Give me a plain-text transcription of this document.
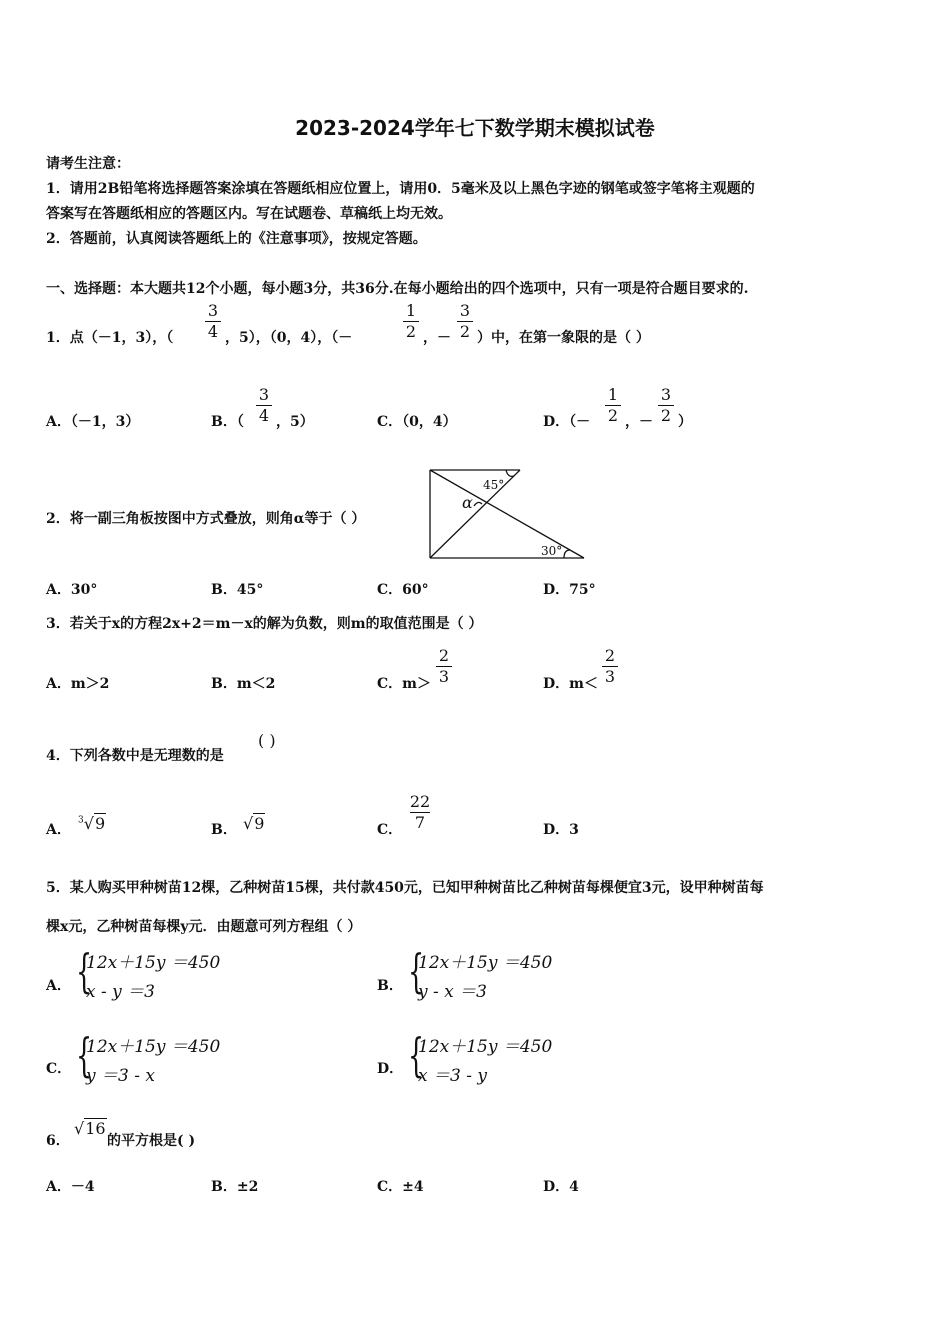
2023-2024学年七下数学期末模拟试卷
请考生注意：
1．请用2B铅笔将选择题答案涂填在答题纸相应位置上，请用0．5毫米及以上黑色字迹的钢笔或签字笔将主观题的
答案写在答题纸相应的答题区内。写在试题卷、草稿纸上均无效。
2．答题前，认真阅读答题纸上的《注意事项》，按规定答题。
一、选择题：本大题共12个小题，每小题3分，共36分.在每小题给出的四个选项中，只有一项是符合题目要求的.
1．点（－1，3），（
3
4 ，5），（0，4），（－
1
2 ，－
3
2 ）中，在第一象限的是（ ）
A．（－1，3）	B．（
3
4 ，5）	C．（0，4）	D．（－
1
2 ，－
3
2 ）
2．将一副三角板按图中方式叠放，则角α等于（ ）
45°
30°
α
A．30°	B．45°	C．60°	D．75°
3．若关于x的方程2x+2＝m－x的解为负数，则m的取值范围是（ ）
A．m＞2	B．m＜2	C．m＞
2
3	D．m＜
2
3
4．下列各数中是无理数的是
( )
A．
$^3$√9	B． √9	C．
22
7	D．3
5．某人购买甲种树苗12棵，乙种树苗15棵，共付款450元，已知甲种树苗比乙种树苗每棵便宜3元，设甲种树苗每
棵x元，乙种树苗每棵y元．由题意可列方程组（ ）
A． {
12x＋15y ＝450
x - y ＝3	B． {
12x＋15y ＝450
y - x ＝3
C． {
12x＋15y ＝450
y ＝3 - x	D． {
12x＋15y ＝450
x ＝3 - y
6．
√16
的平方根是( )
A．－4	B．±2	C．±4	D．4
